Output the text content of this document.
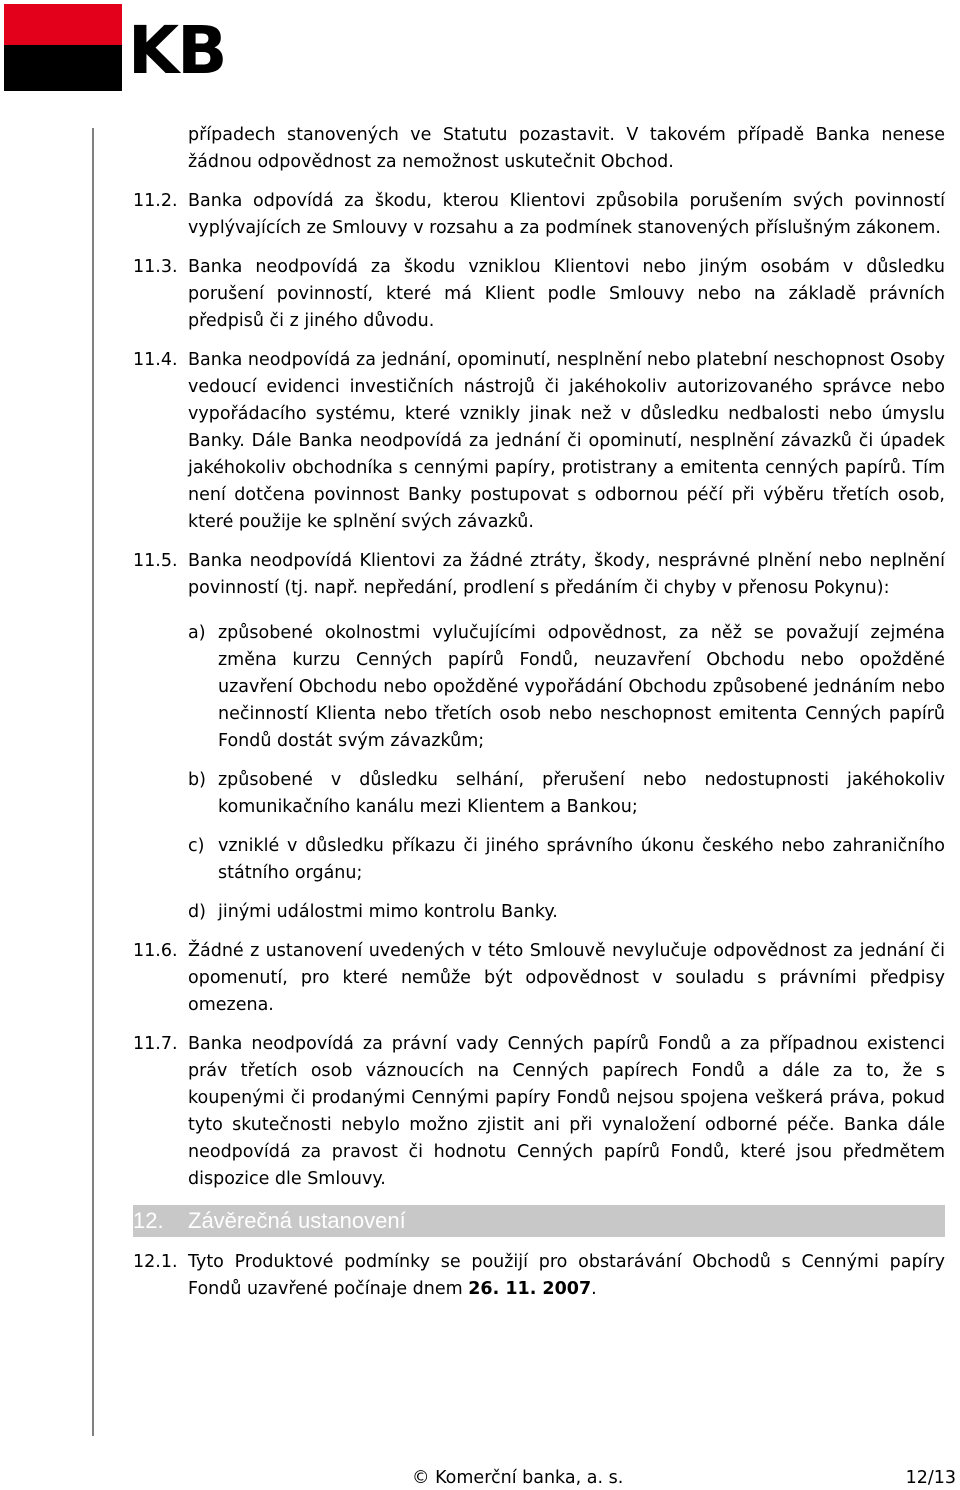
KB
případech stanovených ve Statutu pozastavit. V takovém případě Banka nenese žádnou odpovědnost za nemožnost uskutečnit Obchod.
11.2. Banka odpovídá za škodu, kterou Klientovi způsobila porušením svých povinností vyplývajících ze Smlouvy v rozsahu a za podmínek stanovených příslušným zákonem.
11.3. Banka neodpovídá za škodu vzniklou Klientovi nebo jiným osobám v důsledku porušení povinností, které má Klient podle Smlouvy nebo na základě právních předpisů či z jiného důvodu.
11.4. Banka neodpovídá za jednání, opominutí, nesplnění nebo platební neschopnost Osoby vedoucí evidenci investičních nástrojů či jakéhokoliv autorizovaného správce nebo vypořádacího systému, které vznikly jinak než v důsledku nedbalosti nebo úmyslu Banky. Dále Banka neodpovídá za jednání či opominutí, nesplnění závazků či úpadek jakéhokoliv obchodníka s cennými papíry, protistrany a emitenta cenných papírů. Tím není dotčena povinnost Banky postupovat s odbornou péčí při výběru třetích osob, které použije ke splnění svých závazků.
11.5. Banka neodpovídá Klientovi za žádné ztráty, škody, nesprávné plnění nebo neplnění povinností (tj. např. nepředání, prodlení s předáním či chyby v přenosu Pokynu):
a) způsobené okolnostmi vylučujícími odpovědnost, za něž se považují zejména změna kurzu Cenných papírů Fondů, neuzavření Obchodu nebo opožděné uzavření Obchodu nebo opožděné vypořádání Obchodu způsobené jednáním nebo nečinností Klienta nebo třetích osob nebo neschopnost emitenta Cenných papírů Fondů dostát svým závazkům;
b) způsobené v důsledku selhání, přerušení nebo nedostupnosti jakéhokoliv komunikačního kanálu mezi Klientem a Bankou;
c) vzniklé v důsledku příkazu či jiného správního úkonu českého nebo zahraničního státního orgánu;
d) jinými událostmi mimo kontrolu Banky.
11.6. Žádné z ustanovení uvedených v této Smlouvě nevylučuje odpovědnost za jednání či opomenutí, pro které nemůže být odpovědnost v souladu s právními předpisy omezena.
11.7. Banka neodpovídá za právní vady Cenných papírů Fondů a za případnou existenci práv třetích osob váznoucích na Cenných papírech Fondů a dále za to, že s koupenými či prodanými Cennými papíry Fondů nejsou spojena veškerá práva, pokud tyto skutečnosti nebylo možno zjistit ani při vynaložení odborné péče. Banka dále neodpovídá za pravost či hodnotu Cenných papírů Fondů, které jsou předmětem dispozice dle Smlouvy.
12. Závěrečná ustanovení
12.1. Tyto Produktové podmínky se použijí pro obstarávání Obchodů s Cennými papíry Fondů uzavřené počínaje dnem 26. 11. 2007.
© Komerční banka, a. s.	12/13
